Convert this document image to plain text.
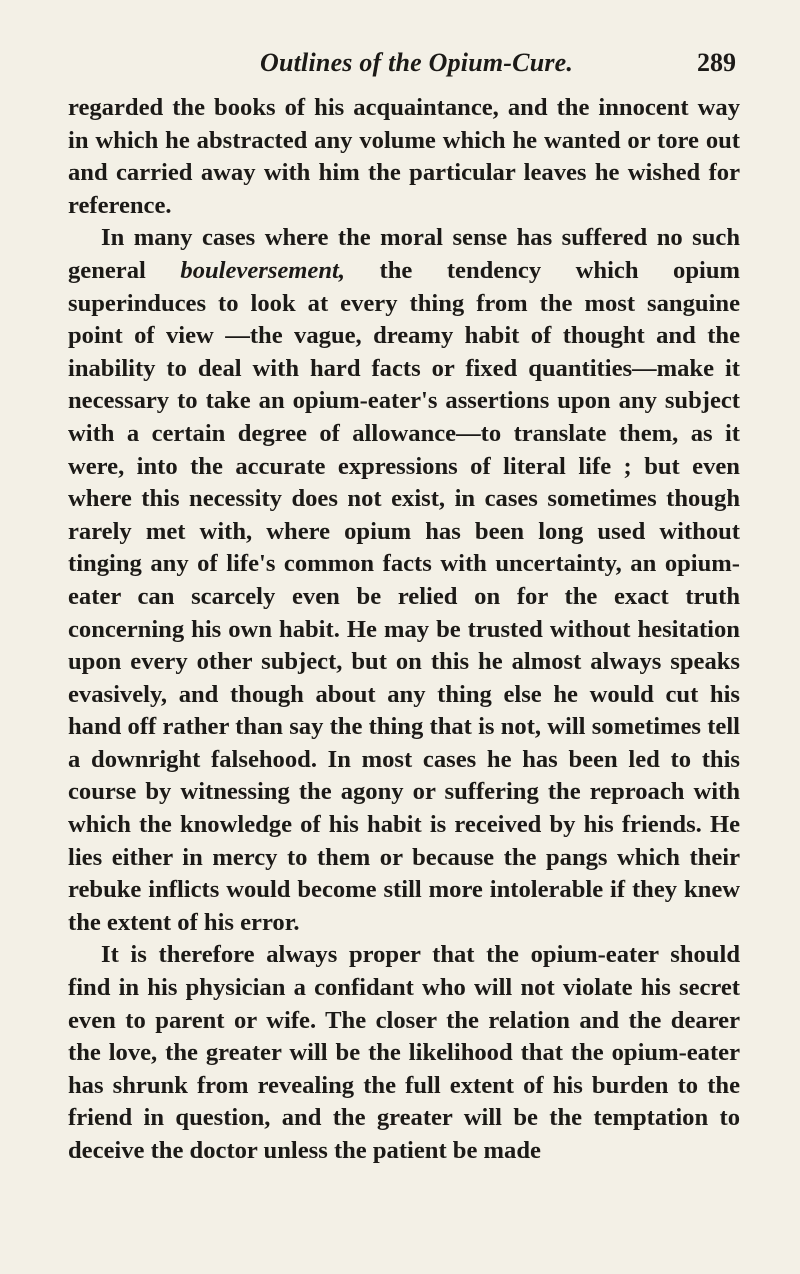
Outlines of the Opium-Cure.	289

regarded the books of his acquaintance, and the innocent way in which he abstracted any volume which he wanted or tore out and carried away with him the particular leaves he wished for reference.

In many cases where the moral sense has suffered no such general bouleversement, the tendency which opium superinduces to look at every thing from the most sanguine point of view —the vague, dreamy habit of thought and the inability to deal with hard facts or fixed quantities—make it necessary to take an opium-eater's assertions upon any subject with a certain degree of allowance—to translate them, as it were, into the accurate expressions of literal life ; but even where this necessity does not exist, in cases sometimes though rarely met with, where opium has been long used without tinging any of life's common facts with uncertainty, an opium-eater can scarcely even be relied on for the exact truth concerning his own habit. He may be trusted without hesitation upon every other subject, but on this he almost always speaks evasively, and though about any thing else he would cut his hand off rather than say the thing that is not, will sometimes tell a downright falsehood. In most cases he has been led to this course by witnessing the agony or suffering the reproach with which the knowledge of his habit is received by his friends. He lies either in mercy to them or because the pangs which their rebuke inflicts would become still more intolerable if they knew the extent of his error.

It is therefore always proper that the opium-eater should find in his physician a confidant who will not violate his secret even to parent or wife. The closer the relation and the dearer the love, the greater will be the likelihood that the opium-eater has shrunk from revealing the full extent of his burden to the friend in question, and the greater will be the temptation to deceive the doctor unless the patient be made
